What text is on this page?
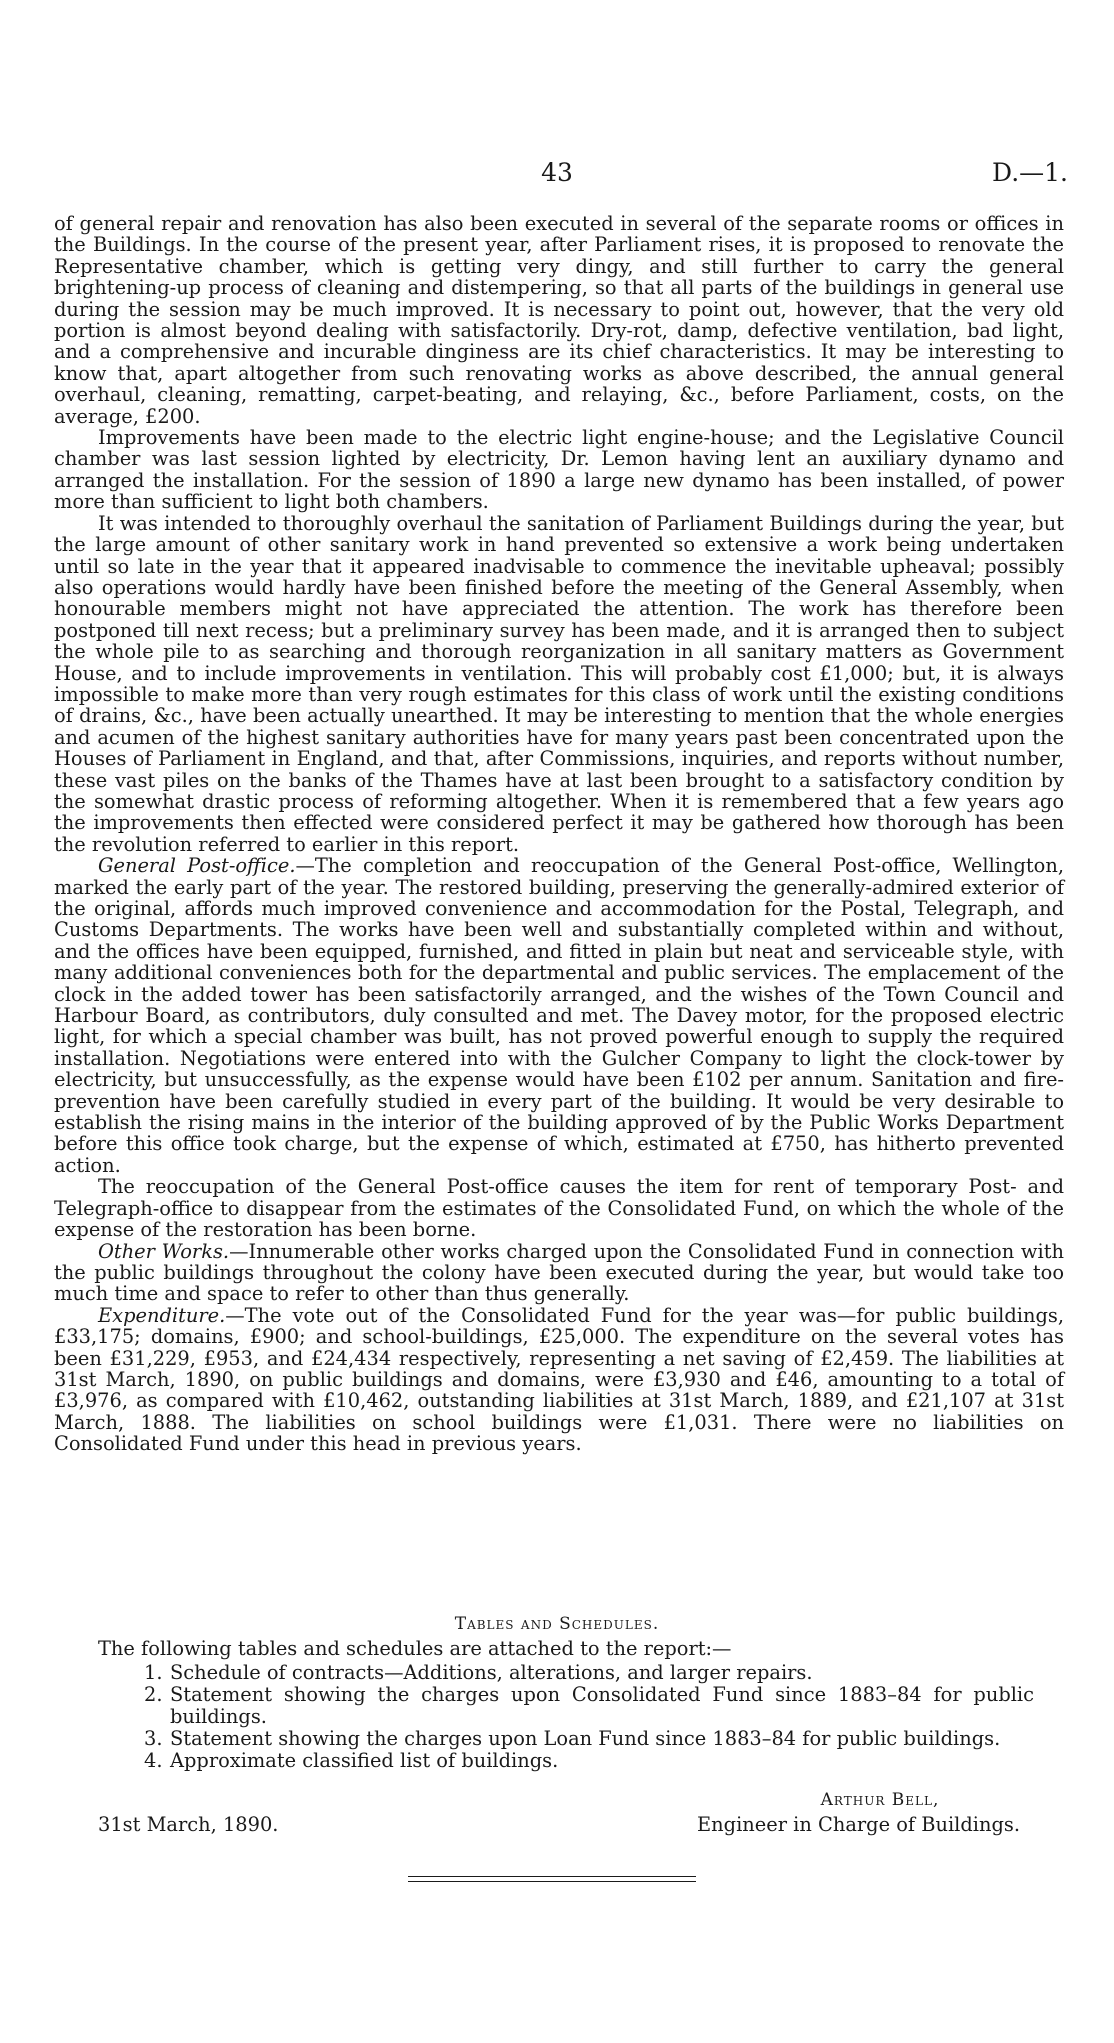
43	D.—1.

of general repair and renovation has also been executed in several of the separate rooms or offices in the Buildings. In the course of the present year, after Parliament rises, it is proposed to renovate the Representative chamber, which is getting very dingy, and still further to carry the general brightening-up process of cleaning and distempering, so that all parts of the buildings in general use during the session may be much improved. It is necessary to point out, however, that the very old portion is almost beyond dealing with satisfactorily. Dry-rot, damp, defective ventilation, bad light, and a comprehensive and incurable dinginess are its chief characteristics. It may be interesting to know that, apart altogether from such renovating works as above described, the annual general overhaul, cleaning, rematting, carpet-beating, and relaying, &c., before Parliament, costs, on the average, £200.

Improvements have been made to the electric light engine-house; and the Legislative Council chamber was last session lighted by electricity, Dr. Lemon having lent an auxiliary dynamo and arranged the installation. For the session of 1890 a large new dynamo has been installed, of power more than sufficient to light both chambers.

It was intended to thoroughly overhaul the sanitation of Parliament Buildings during the year, but the large amount of other sanitary work in hand prevented so extensive a work being undertaken until so late in the year that it appeared inadvisable to commence the inevitable upheaval; possibly also operations would hardly have been finished before the meeting of the General Assembly, when honourable members might not have appreciated the attention. The work has therefore been postponed till next recess; but a preliminary survey has been made, and it is arranged then to subject the whole pile to as searching and thorough reorganization in all sanitary matters as Government House, and to include improvements in ventilation. This will probably cost £1,000; but, it is always impossible to make more than very rough estimates for this class of work until the existing conditions of drains, &c., have been actually unearthed. It may be interesting to mention that the whole energies and acumen of the highest sanitary authorities have for many years past been concentrated upon the Houses of Parliament in England, and that, after Commissions, inquiries, and reports without number, these vast piles on the banks of the Thames have at last been brought to a satisfactory condition by the somewhat drastic process of reforming altogether. When it is remembered that a few years ago the improvements then effected were considered perfect it may be gathered how thorough has been the revolution referred to earlier in this report.

General Post-office.—The completion and reoccupation of the General Post-office, Wellington, marked the early part of the year. The restored building, preserving the generally-admired exterior of the original, affords much improved convenience and accommodation for the Postal, Telegraph, and Customs Departments. The works have been well and substantially completed within and without, and the offices have been equipped, furnished, and fitted in plain but neat and serviceable style, with many additional conveniences both for the departmental and public services. The emplacement of the clock in the added tower has been satisfactorily arranged, and the wishes of the Town Council and Harbour Board, as contributors, duly consulted and met. The Davey motor, for the proposed electric light, for which a special chamber was built, has not proved powerful enough to supply the required installation. Negotiations were entered into with the Gulcher Company to light the clock-tower by electricity, but unsuccessfully, as the expense would have been £102 per annum. Sanitation and fire-prevention have been carefully studied in every part of the building. It would be very desirable to establish the rising mains in the interior of the building approved of by the Public Works Department before this office took charge, but the expense of which, estimated at £750, has hitherto prevented action.

The reoccupation of the General Post-office causes the item for rent of temporary Post- and Telegraph-office to disappear from the estimates of the Consolidated Fund, on which the whole of the expense of the restoration has been borne.

Other Works.—Innumerable other works charged upon the Consolidated Fund in connection with the public buildings throughout the colony have been executed during the year, but would take too much time and space to refer to other than thus generally.

Expenditure.—The vote out of the Consolidated Fund for the year was—for public buildings, £33,175; domains, £900; and school-buildings, £25,000. The expenditure on the several votes has been £31,229, £953, and £24,434 respectively, representing a net saving of £2,459. The liabilities at 31st March, 1890, on public buildings and domains, were £3,930 and £46, amounting to a total of £3,976, as compared with £10,462, outstanding liabilities at 31st March, 1889, and £21,107 at 31st March, 1888. The liabilities on school buildings were £1,031. There were no liabilities on Consolidated Fund under this head in previous years.

Tables and Schedules.
The following tables and schedules are attached to the report:—
1. Schedule of contracts—Additions, alterations, and larger repairs.
2. Statement showing the charges upon Consolidated Fund since 1883–84 for public buildings.
3. Statement showing the charges upon Loan Fund since 1883–84 for public buildings.
4. Approximate classified list of buildings.
31st March, 1890.
Arthur Bell,
Engineer in Charge of Buildings.
